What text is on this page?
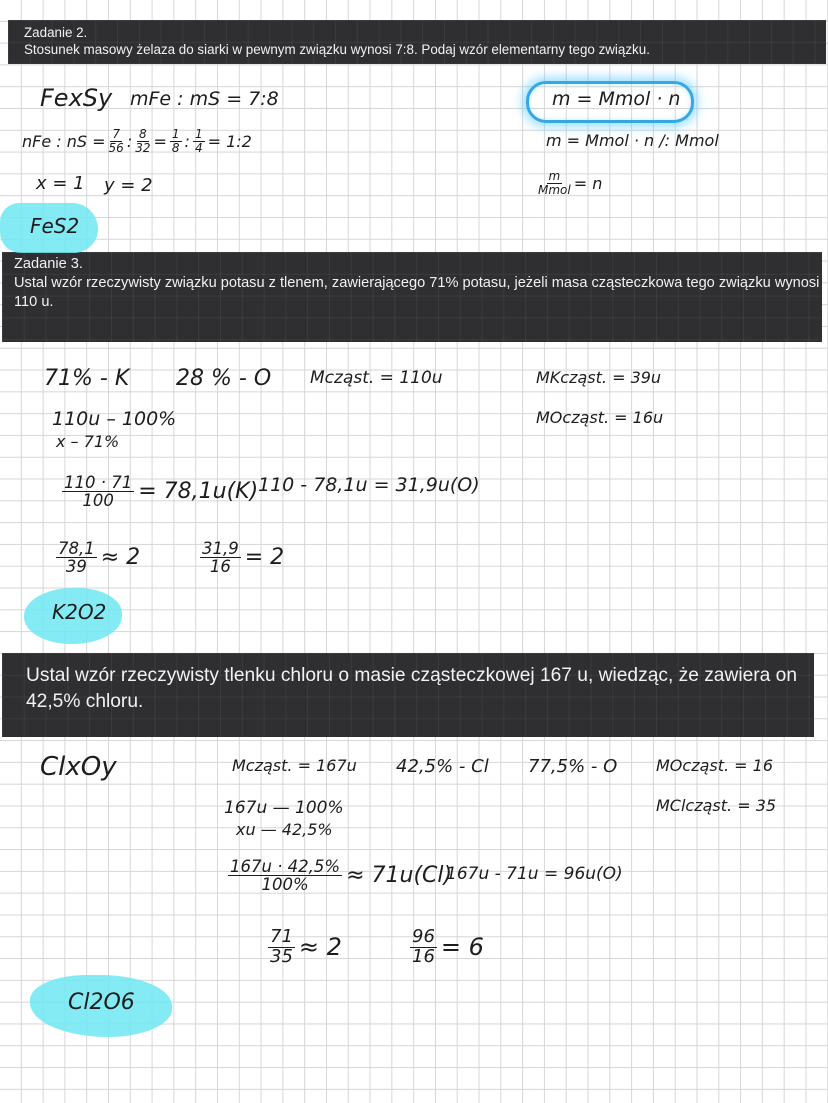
Zadanie 2.
Stosunek masowy żelaza do siarki w pewnym związku wynosi 7:8. Podaj wzór elementarny tego związku.
Zadanie 3.
Ustal wzór rzeczywisty związku potasu z tlenem, zawierającego 71% potasu, jeżeli masa cząsteczkowa tego związku wynosi 110 u.
Ustal wzór rzeczywisty tlenku chloru o masie cząsteczkowej 167 u, wiedząc, że zawiera on 42,5% chloru.
FexSy mFe : mS = 7:8
nFe : nS = $\frac{7}{56}$ : $\frac{8}{32} = \frac{1}{8}$ : $\frac{1}{4}$ = 1:2
x = 1 y = 2
FeS2
m = Mmol · n
m = Mmol · n /: Mmol
$\frac{m}{\text{Mmol}} = n$
71% - K 28 % - O Mcząst. = 110u	MKcząst. = 39u
MOcząst. = 16u
110u – 100%
x – 71%
$\frac{110 \cdot 71}{100} = 78,1u(K)$ 110 - 78,1u = 31,9u(O)
$\frac{78,1}{39} \approx 2$	$\frac{31,9}{16} = 2$
K2O2
ClxOy	Mcząst. = 167u 42,5% - Cl 77,5% - O MOcząst. = 16
MClcząst. = 35
167u — 100%
xu — 42,5%
$\frac{167u \cdot 42,5\%}{100\%} \approx 71u(Cl)$
167u - 71u = 96u(O)
$\frac{71}{35} \approx 2$	$\frac{96}{16} = 6$
Cl2O6
